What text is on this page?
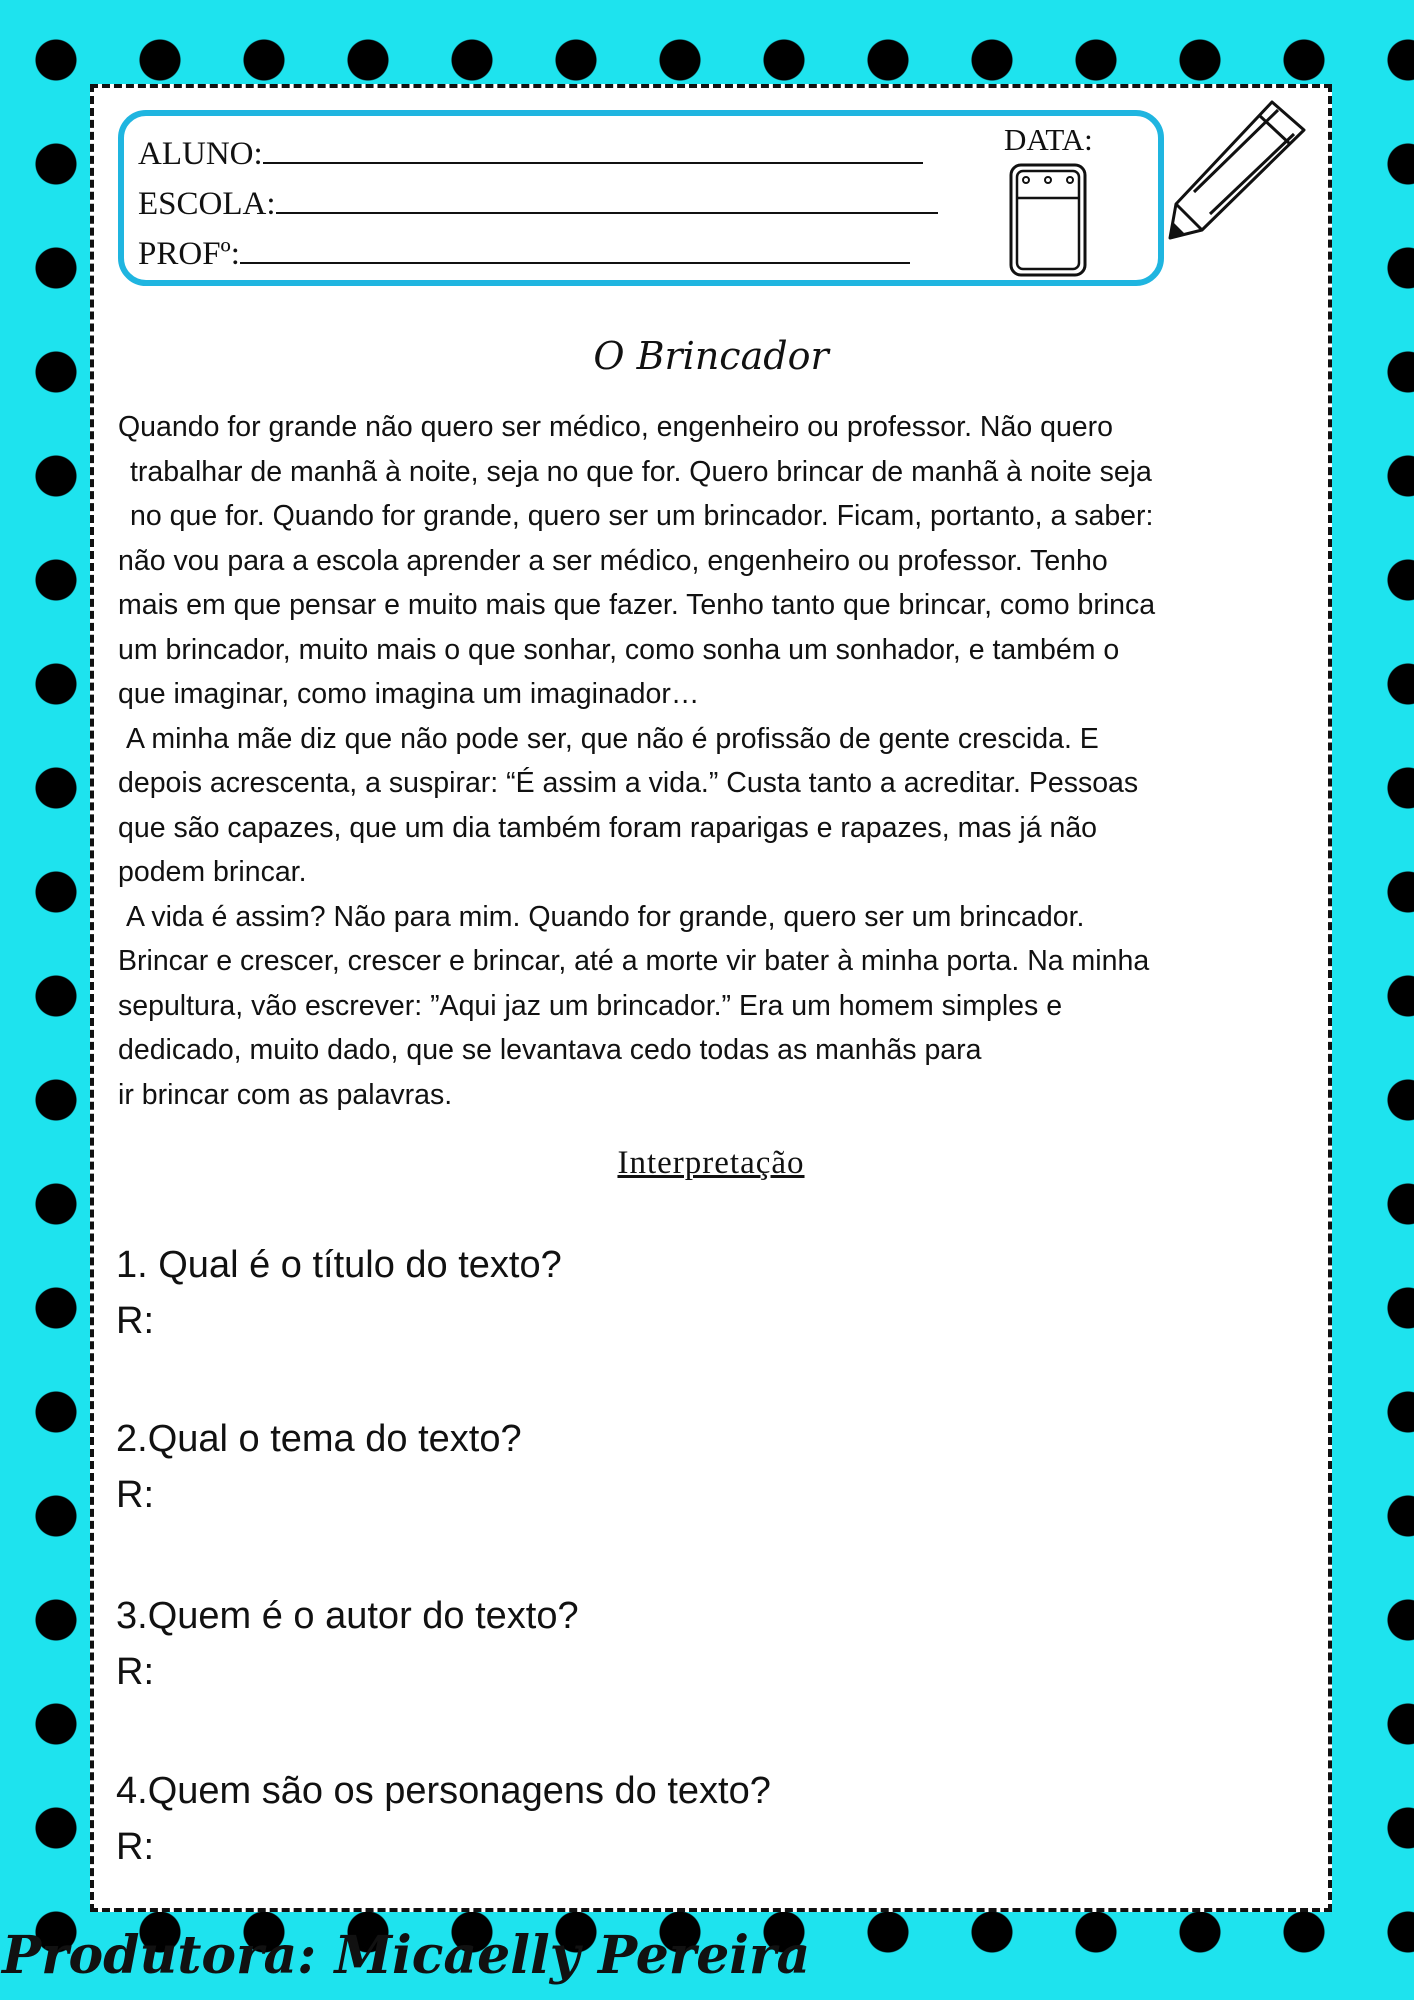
ALUNO:
ESCOLA:
PROFº:
DATA:
O Brincador
Quando for grande não quero ser médico, engenheiro ou professor. Não quero
trabalhar de manhã à noite, seja no que for. Quero brincar de manhã à noite seja
no que for. Quando for grande, quero ser um brincador. Ficam, portanto, a saber:
não vou para a escola aprender a ser médico, engenheiro ou professor. Tenho
mais em que pensar e muito mais que fazer. Tenho tanto que brincar, como brinca
um brincador, muito mais o que sonhar, como sonha um sonhador, e também o
que imaginar, como imagina um imaginador…
A minha mãe diz que não pode ser, que não é profissão de gente crescida. E
depois acrescenta, a suspirar: “É assim a vida.” Custa tanto a acreditar. Pessoas
que são capazes, que um dia também foram raparigas e rapazes, mas já não
podem brincar.
A vida é assim? Não para mim. Quando for grande, quero ser um brincador.
Brincar e crescer, crescer e brincar, até a morte vir bater à minha porta. Na minha
sepultura, vão escrever: ”Aqui jaz um brincador.” Era um homem simples e
dedicado, muito dado, que se levantava cedo todas as manhãs para
ir brincar com as palavras.
Interpretação
1. Qual é o título do texto?
R:
2.Qual o tema do texto?
R:
3.Quem é o autor do texto?
R:
4.Quem são os personagens do texto?
R:
Produtora: Micaelly Pereira
